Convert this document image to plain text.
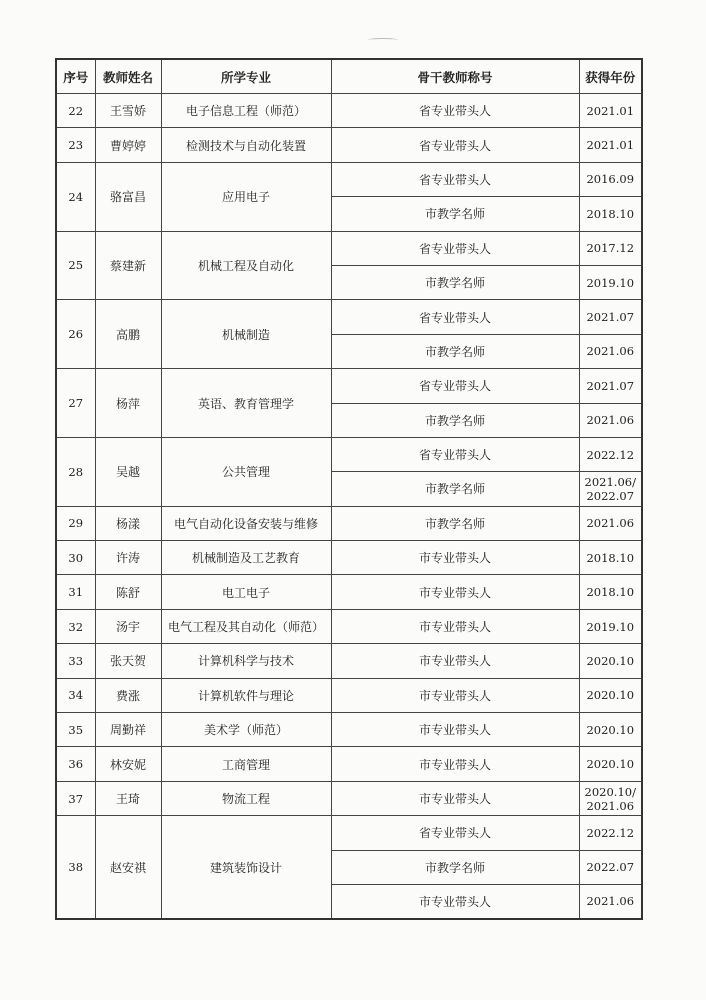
序号	教师姓名	所学专业	骨干教师称号	获得年份
22	王雪娇	电子信息工程（师范）	省专业带头人	2021.01
23	曹婷婷	检测技术与自动化装置	省专业带头人	2021.01
24	骆富昌	应用电子	省专业带头人	2016.09
			市教学名师	2018.10
25	蔡建新	机械工程及自动化	省专业带头人	2017.12
			市教学名师	2019.10
26	高鹏	机械制造	省专业带头人	2021.07
			市教学名师	2021.06
27	杨萍	英语、教育管理学	省专业带头人	2021.07
			市教学名师	2021.06
28	吴越	公共管理	省专业带头人	2022.12
			市教学名师	2021.06/
2022.07
29	杨漾	电气自动化设备安装与维修	市教学名师	2021.06
30	许涛	机械制造及工艺教育	市专业带头人	2018.10
31	陈舒	电工电子	市专业带头人	2018.10
32	汤宇	电气工程及其自动化（师范）	市专业带头人	2019.10
33	张天贺	计算机科学与技术	市专业带头人	2020.10
34	费涨	计算机软件与理论	市专业带头人	2020.10
35	周勤祥	美术学（师范）	市专业带头人	2020.10
36	林安妮	工商管理	市专业带头人	2020.10
37	王琦	物流工程	市专业带头人	2020.10/
2021.06
38	赵安祺	建筑装饰设计	省专业带头人	2022.12
			市教学名师	2022.07
			市专业带头人	2021.06
